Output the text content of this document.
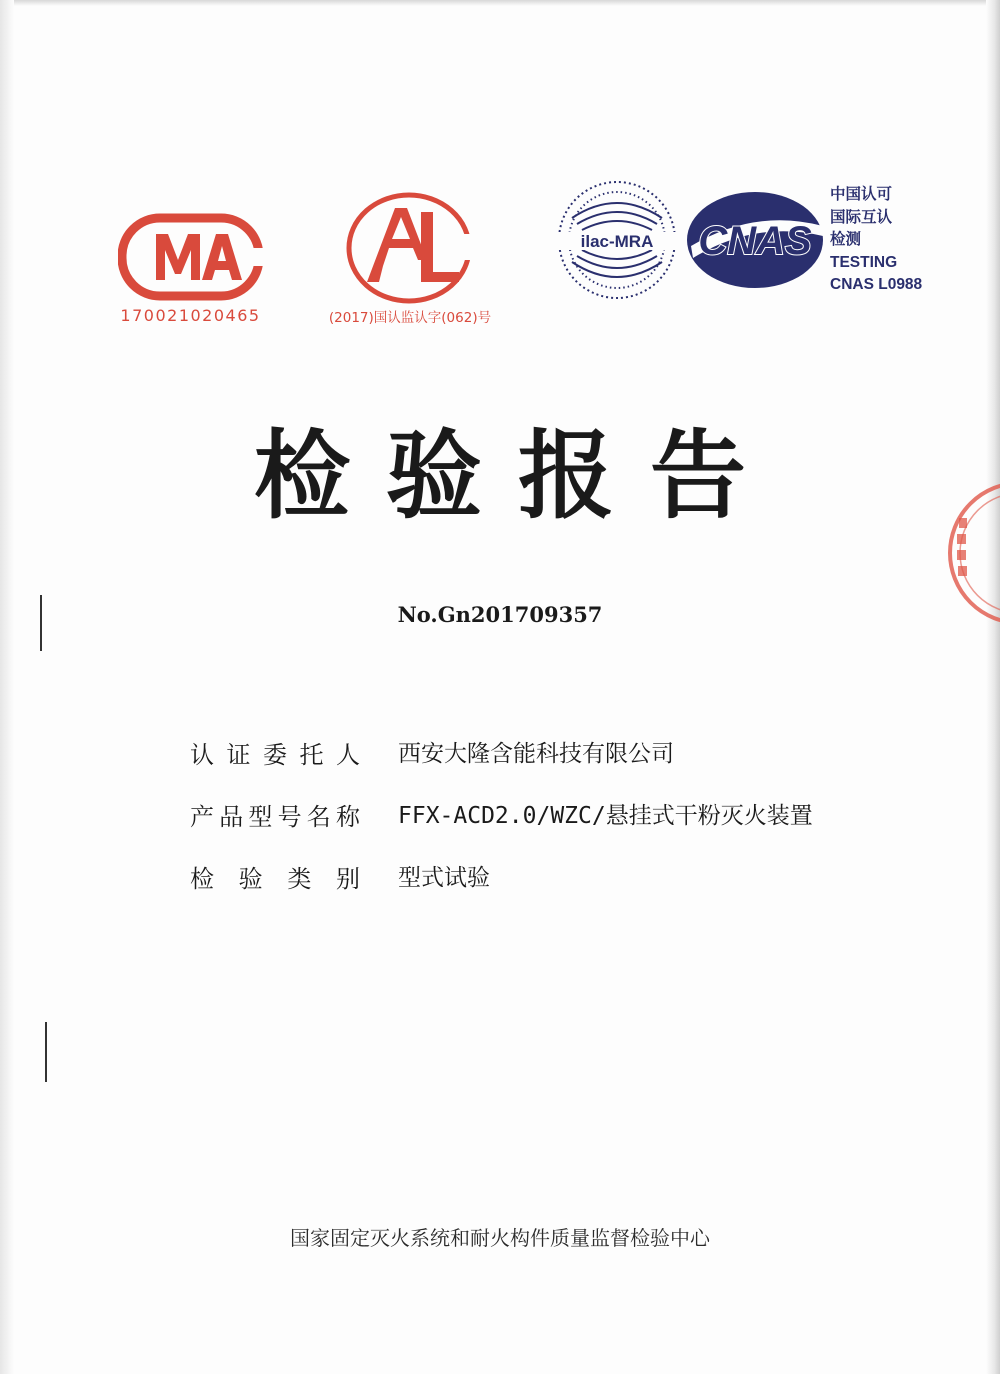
170021020465	(2017)国认监认字(062)号
ilac-MRA CNAS
中国认可
国际互认
检测
TESTING
CNAS L0988
检验报告
No.Gn201709357
认证委托人 西安大隆含能科技有限公司
产品型号名称 FFX-ACD2.0/WZC/悬挂式干粉灭火装置
检验类别 型式试验
国家固定灭火系统和耐火构件质量监督检验中心
